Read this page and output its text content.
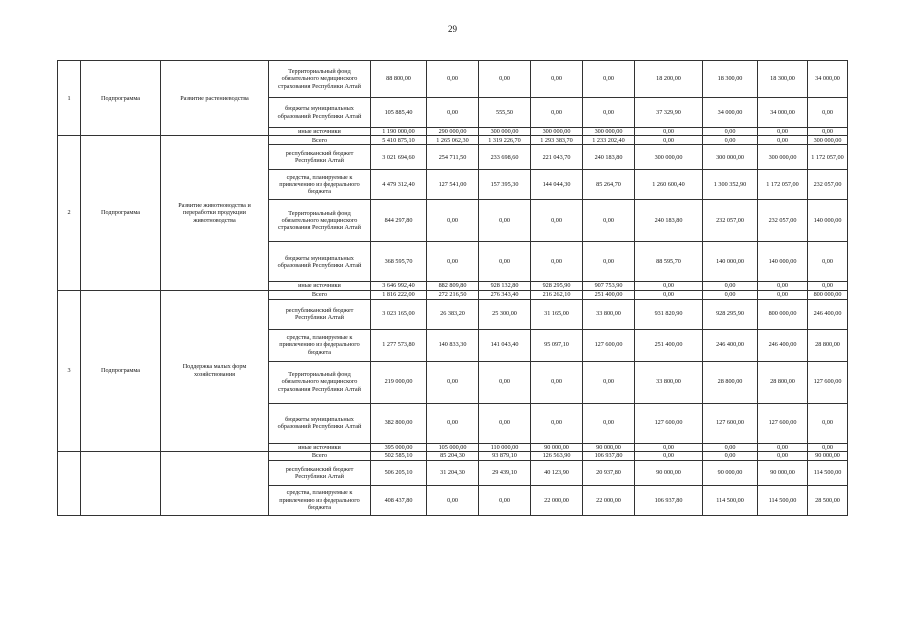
29
1	Подпрограмма	Развитие растениеводства	Территориальный фонд обязательного медицинского страхования Республики Алтай	88 800,00	0,00	0,00	0,00	0,00	18 200,00	18 300,00	18 300,00	34 000,00
			бюджеты муниципальных образований Республики Алтай	105 885,40	0,00	555,50	0,00	0,00	37 329,90	34 000,00	34 000,00	0,00
			иные источники	1 190 000,00	290 000,00	300 000,00	300 000,00	300 000,00	0,00	0,00	0,00	0,00
2	Подпрограмма	Развитие животноводства и переработки продукции животноводства	Всего	5 410 875,10	1 265 062,30	1 319 226,70	1 293 383,70	1 233 202,40	0,00	0,00	0,00	300 000,00
			республиканский бюджет Республики Алтай	3 021 694,60	254 711,50	233 698,60	221 043,70	240 183,80	300 000,00	300 000,00	300 000,00	1 172 057,00
			средства, планируемые к привлечению из федерального бюджета	4 479 312,40	127 541,00	157 395,30	144 044,30	85 264,70	1 260 600,40	1 300 352,90	1 172 057,00	232 057,00
			Территориальный фонд обязательного медицинского страхования Республики Алтай	844 297,80	0,00	0,00	0,00	0,00	240 183,80	232 057,00	232 057,00	140 000,00
			бюджеты муниципальных образований Республики Алтай	368 595,70	0,00	0,00	0,00	0,00	88 595,70	140 000,00	140 000,00	0,00
			иные источники	3 646 992,40	882 809,80	928 132,80	928 295,90	907 753,90	0,00	0,00	0,00	0,00
3	Подпрограмма	Поддержка малых форм хозяйствования	Всего	1 816 222,00	272 216,50	276 343,40	216 262,10	251 400,00	0,00	0,00	0,00	800 000,00
			республиканский бюджет Республики Алтай	3 023 165,00	26 383,20	25 300,00	31 165,00	33 800,00	931 820,90	928 295,90	800 000,00	246 400,00
			средства, планируемые к привлечению из федерального бюджета	1 277 573,80	140 833,30	141 043,40	95 097,10	127 600,00	251 400,00	246 400,00	246 400,00	28 800,00
			Территориальный фонд обязательного медицинского страхования Республики Алтай	219 000,00	0,00	0,00	0,00	0,00	33 800,00	28 800,00	28 800,00	127 600,00
			бюджеты муниципальных образований Республики Алтай	382 800,00	0,00	0,00	0,00	0,00	127 600,00	127 600,00	127 600,00	0,00
			иные источники	395 000,00	105 000,00	110 000,00	90 000,00	90 000,00	0,00	0,00	0,00	0,00
			Всего	502 585,10	85 204,30	93 879,10	126 563,90	106 937,80	0,00	0,00	0,00	90 000,00
			республиканский бюджет Республики Алтай	506 205,10	31 204,30	29 439,10	40 123,90	20 937,80	90 000,00	90 000,00	90 000,00	114 500,00
			средства, планируемые к привлечению из федерального бюджета	408 437,80	0,00	0,00	22 000,00	22 000,00	106 937,80	114 500,00	114 500,00	28 500,00
